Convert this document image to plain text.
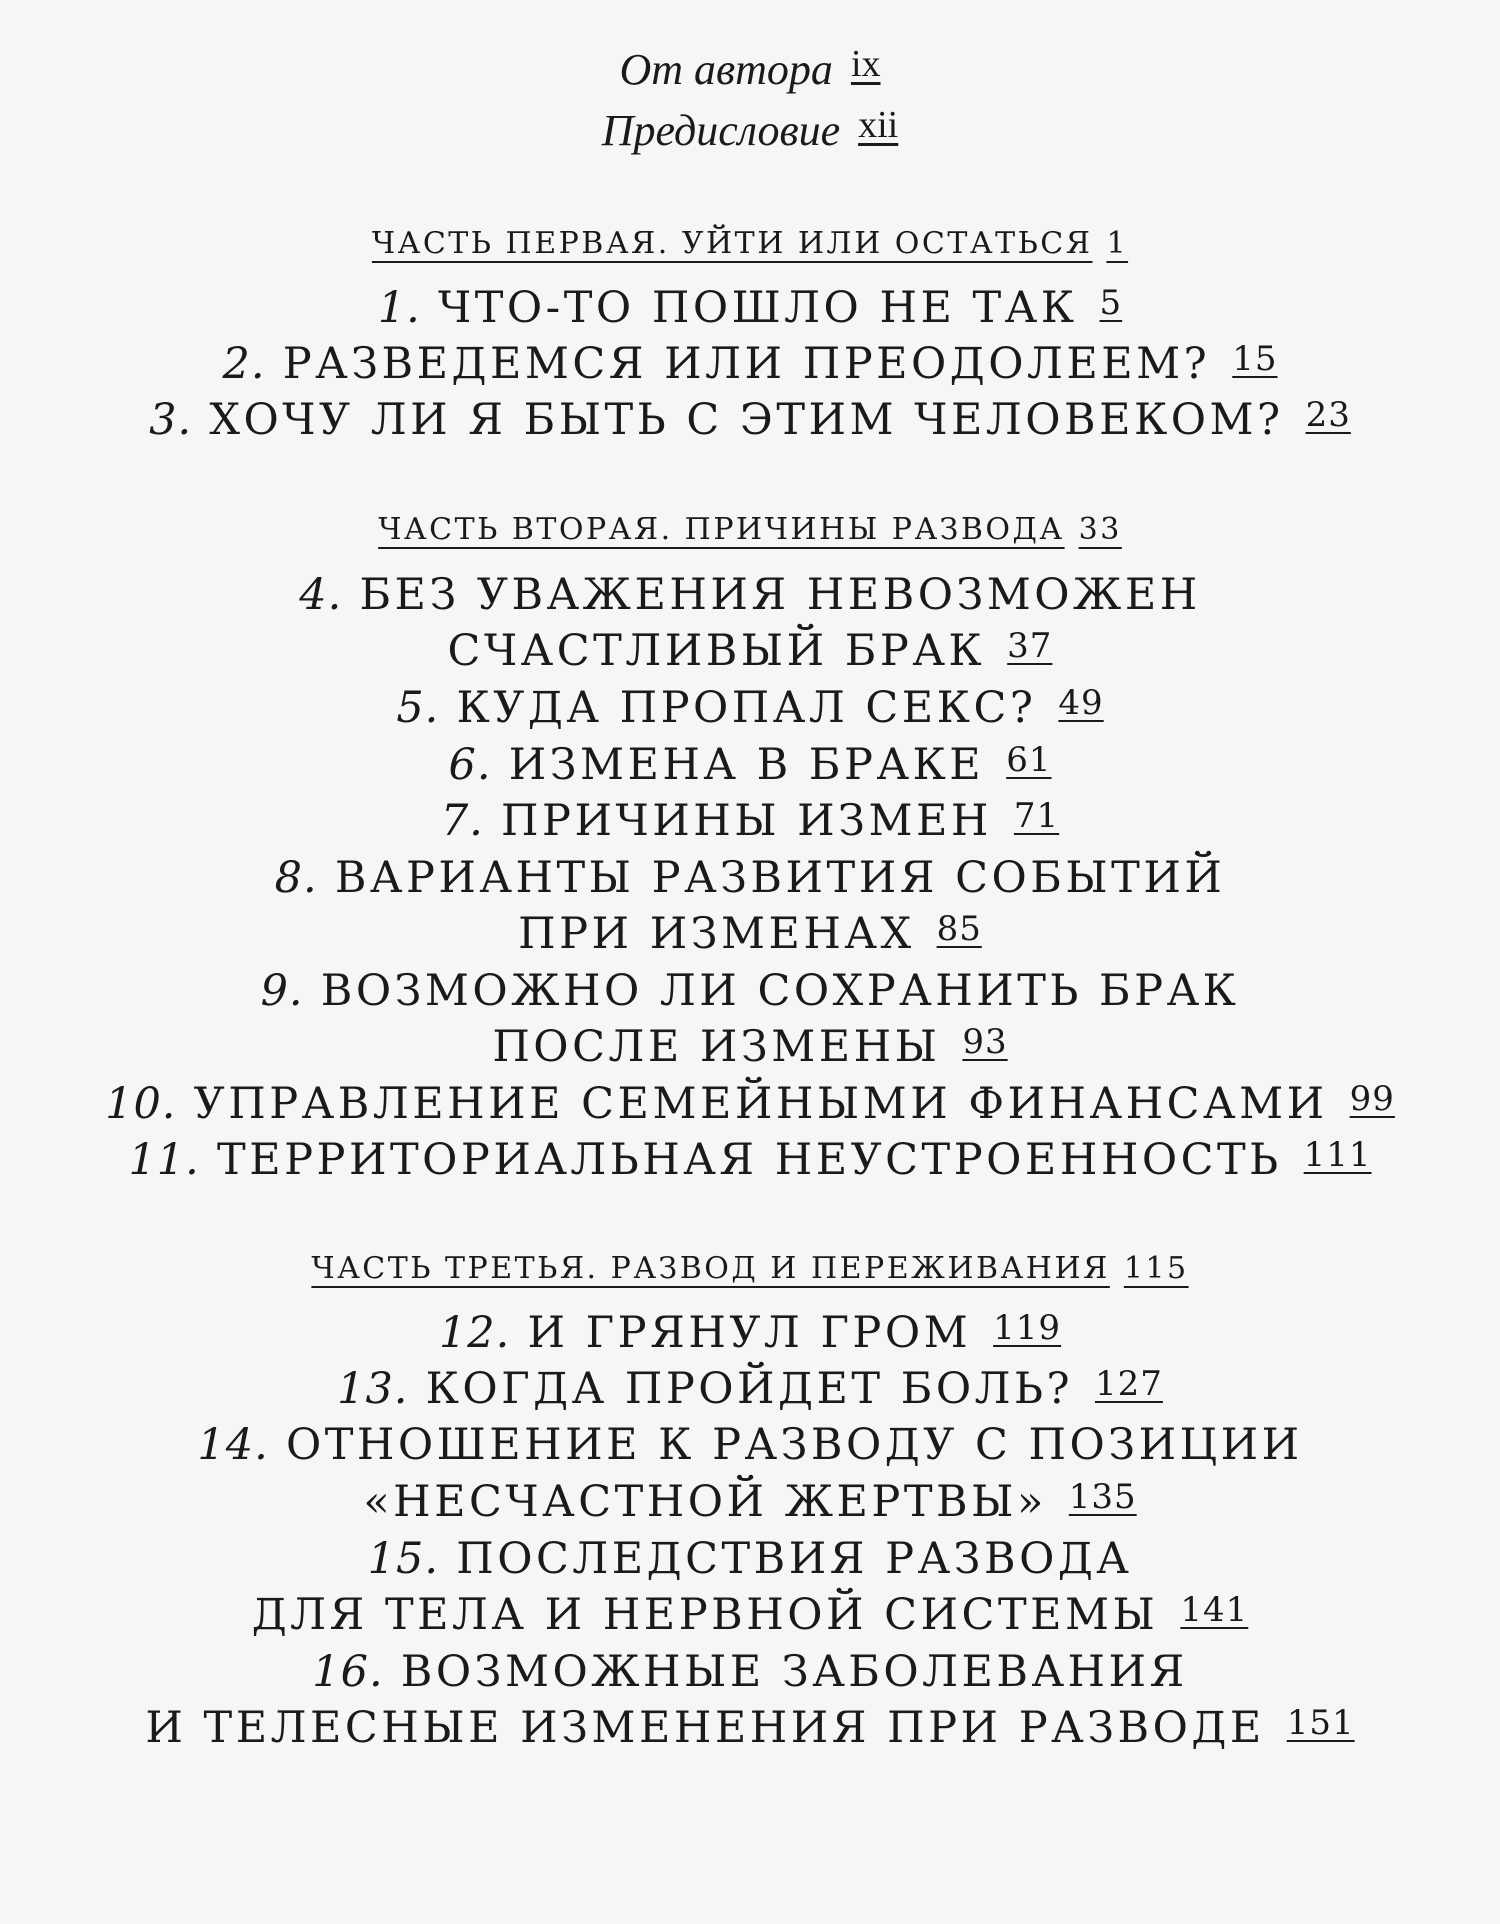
От автора ix
Предисловие xii
ЧАСТЬ ПЕРВАЯ. УЙТИ ИЛИ ОСТАТЬСЯ 1
1. ЧТО-ТО ПОШЛО НЕ ТАК 5
2. РАЗВЕДЕМСЯ ИЛИ ПРЕОДОЛЕЕМ? 15
3. ХОЧУ ЛИ Я БЫТЬ С ЭТИМ ЧЕЛОВЕКОМ? 23
ЧАСТЬ ВТОРАЯ. ПРИЧИНЫ РАЗВОДА 33
4. БЕЗ УВАЖЕНИЯ НЕВОЗМОЖЕН
СЧАСТЛИВЫЙ БРАК 37
5. КУДА ПРОПАЛ СЕКС? 49
6. ИЗМЕНА В БРАКЕ 61
7. ПРИЧИНЫ ИЗМЕН 71
8. ВАРИАНТЫ РАЗВИТИЯ СОБЫТИЙ
ПРИ ИЗМЕНАХ 85
9. ВОЗМОЖНО ЛИ СОХРАНИТЬ БРАК
ПОСЛЕ ИЗМЕНЫ 93
10. УПРАВЛЕНИЕ СЕМЕЙНЫМИ ФИНАНСАМИ 99
11. ТЕРРИТОРИАЛЬНАЯ НЕУСТРОЕННОСТЬ 111
ЧАСТЬ ТРЕТЬЯ. РАЗВОД И ПЕРЕЖИВАНИЯ 115
12. И ГРЯНУЛ ГРОМ 119
13. КОГДА ПРОЙДЕТ БОЛЬ? 127
14. ОТНОШЕНИЕ К РАЗВОДУ С ПОЗИЦИИ
«НЕСЧАСТНОЙ ЖЕРТВЫ» 135
15. ПОСЛЕДСТВИЯ РАЗВОДА
ДЛЯ ТЕЛА И НЕРВНОЙ СИСТЕМЫ 141
16. ВОЗМОЖНЫЕ ЗАБОЛЕВАНИЯ
И ТЕЛЕСНЫЕ ИЗМЕНЕНИЯ ПРИ РАЗВОДЕ 151
